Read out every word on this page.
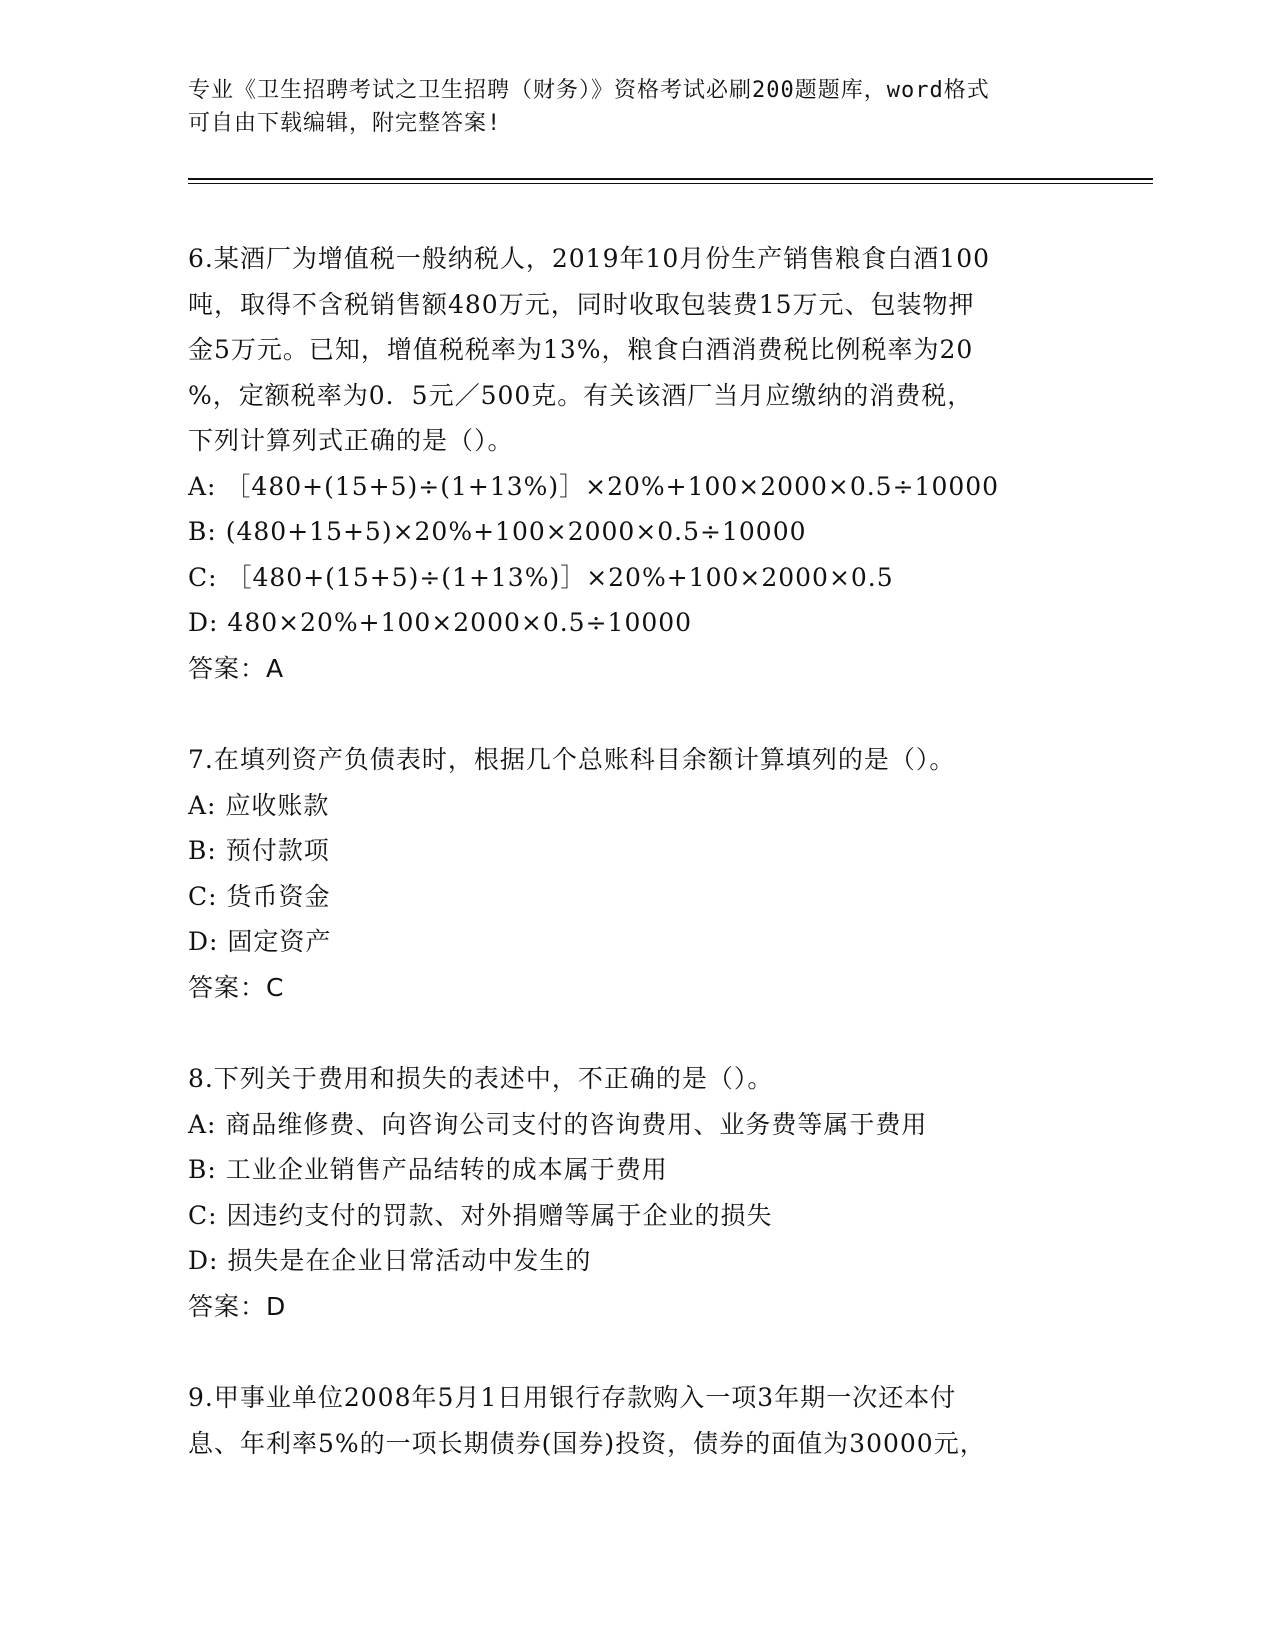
专业《卫生招聘考试之卫生招聘（财务）》资格考试必刷200题题库，word格式
可自由下载编辑，附完整答案!
6.某酒厂为增值税一般纳税人，2019年10月份生产销售粮食白酒100
吨，取得不含税销售额480万元，同时收取包装费15万元、包装物押
金5万元。已知，增值税税率为13%，粮食白酒消费税比例税率为20
%，定额税率为0．5元／500克。有关该酒厂当月应缴纳的消费税，
下列计算列式正确的是（）。
A: ［480+(15+5)÷(1+13%)］×20%+100×2000×0.5÷10000
B: (480+15+5)×20%+100×2000×0.5÷10000
C: ［480+(15+5)÷(1+13%)］×20%+100×2000×0.5
D: 480×20%+100×2000×0.5÷10000
答案：A
7.在填列资产负债表时，根据几个总账科目余额计算填列的是（）。
A: 应收账款
B: 预付款项
C: 货币资金
D: 固定资产
答案：C
8.下列关于费用和损失的表述中，不正确的是（）。
A: 商品维修费、向咨询公司支付的咨询费用、业务费等属于费用
B: 工业企业销售产品结转的成本属于费用
C: 因违约支付的罚款、对外捐赠等属于企业的损失
D: 损失是在企业日常活动中发生的
答案：D
9.甲事业单位2008年5月1日用银行存款购入一项3年期一次还本付
息、年利率5%的一项长期债券(国券)投资，债券的面值为30000元，
